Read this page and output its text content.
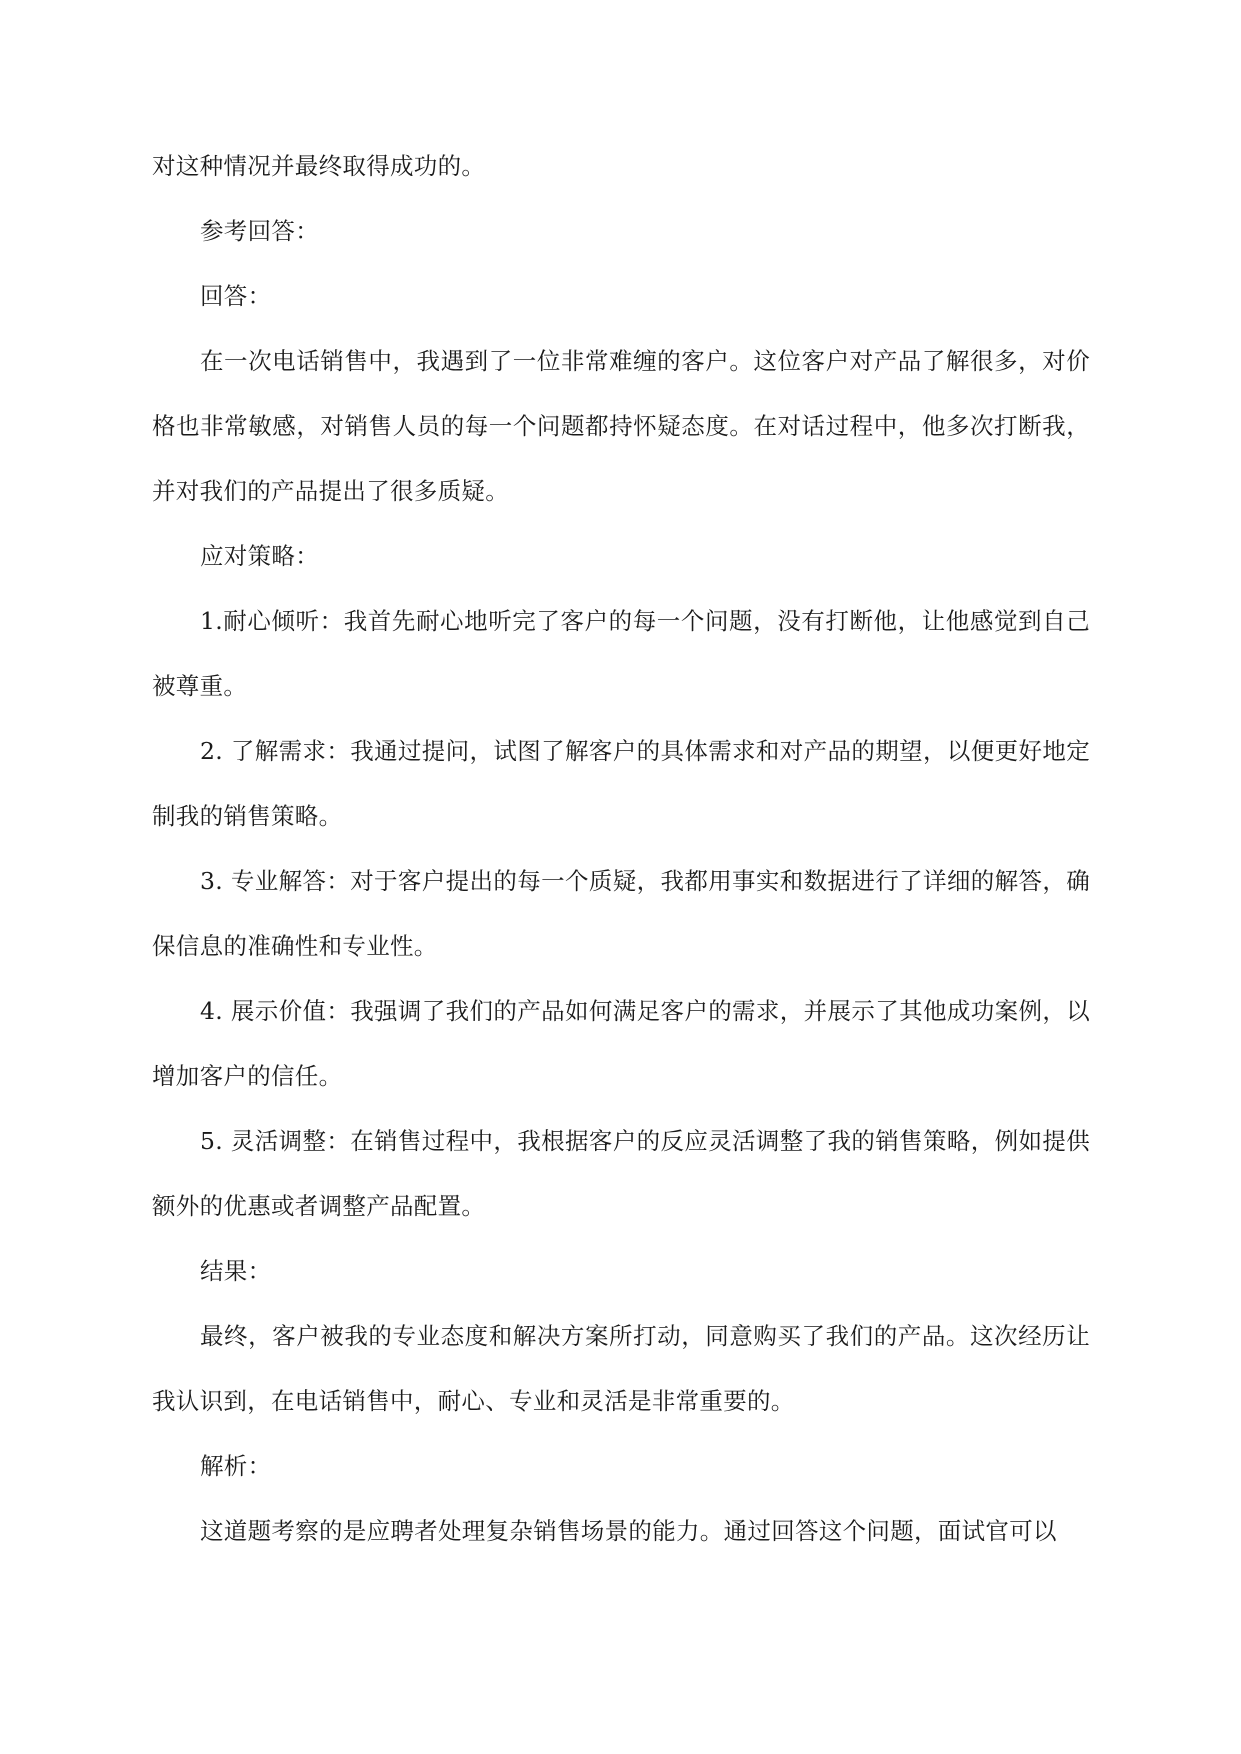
对这种情况并最终取得成功的。

参考回答：

回答：

在一次电话销售中，我遇到了一位非常难缠的客户。这位客户对产品了解很多，对价格也非常敏感，对销售人员的每一个问题都持怀疑态度。在对话过程中，他多次打断我，并对我们的产品提出了很多质疑。

应对策略：

1.耐心倾听：我首先耐心地听完了客户的每一个问题，没有打断他，让他感觉到自己被尊重。

2. 了解需求：我通过提问，试图了解客户的具体需求和对产品的期望，以便更好地定制我的销售策略。

3. 专业解答：对于客户提出的每一个质疑，我都用事实和数据进行了详细的解答，确保信息的准确性和专业性。

4. 展示价值：我强调了我们的产品如何满足客户的需求，并展示了其他成功案例，以增加客户的信任。

5. 灵活调整：在销售过程中，我根据客户的反应灵活调整了我的销售策略，例如提供额外的优惠或者调整产品配置。

结果：

最终，客户被我的专业态度和解决方案所打动，同意购买了我们的产品。这次经历让我认识到，在电话销售中，耐心、专业和灵活是非常重要的。

解析：

这道题考察的是应聘者处理复杂销售场景的能力。通过回答这个问题，面试官可以
